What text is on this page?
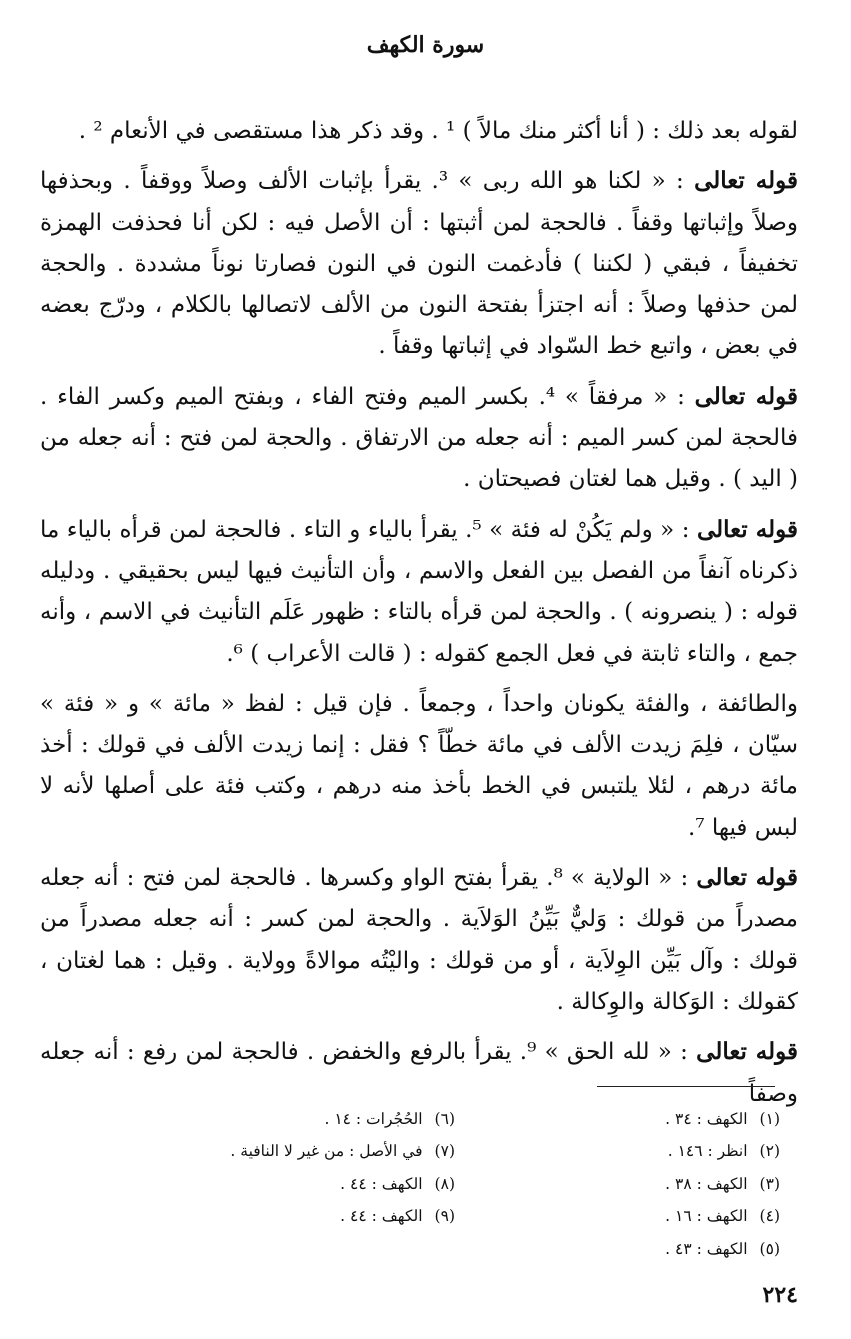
سورة الكهف

لقوله بعد ذلك : ( أنا أكثر منك مالاً ) ¹ . وقد ذكر هذا مستقصى في الأنعام ² .

قوله تعالى : « لكنا هو الله ربى » ³. يقرأ بإثبات الألف وصلاً ووقفاً . وبحذفها وصلاً وإثباتها وقفاً . فالحجة لمن أثبتها : أن الأصل فيه : لكن أنا فحذفت الهمزة تخفيفاً ، فبقي ( لكننا ) فأدغمت النون في النون فصارتا نوناً مشددة . والحجة لمن حذفها وصلاً : أنه اجتزأ بفتحة النون من الألف لاتصالها بالكلام ، ودرّج بعضه في بعض ، واتبع خط السّواد في إثباتها وقفاً .

قوله تعالى : « مرفقاً » ⁴. بكسر الميم وفتح الفاء ، وبفتح الميم وكسر الفاء . فالحجة لمن كسر الميم : أنه جعله من الارتفاق . والحجة لمن فتح : أنه جعله من ( اليد ) . وقيل هما لغتان فصيحتان .

قوله تعالى : « ولم يَكُنْ له فئة » ⁵. يقرأ بالياء و التاء . فالحجة لمن قرأه بالياء ما ذكرناه آنفاً من الفصل بين الفعل والاسم ، وأن التأنيث فيها ليس بحقيقي . ودليله قوله : ( ينصرونه ) . والحجة لمن قرأه بالتاء : ظهور عَلَم التأنيث في الاسم ، وأنه جمع ، والتاء ثابتة في فعل الجمع كقوله : ( قالت الأعراب ) ⁶.

والطائفة ، والفئة يكونان واحداً ، وجمعاً . فإن قيل : لفظ « مائة » و « فئة » سيّان ، فلِمَ زيدت الألف في مائة خطّاً ؟ فقل : إنما زيدت الألف في قولك : أخذ مائة درهم ، لئلا يلتبس في الخط بأخذ منه درهم ، وكتب فئة على أصلها لأنه لا لبس فيها ⁷.

قوله تعالى : « الولاية » ⁸. يقرأ بفتح الواو وكسرها . فالحجة لمن فتح : أنه جعله مصدراً من قولك : وَليٌّ بَيِّنُ الوَلاَية . والحجة لمن كسر : أنه جعله مصدراً من قولك : وآل بَيِّن الوِلاَية ، أو من قولك : واليْتُه موالاةً وولاية . وقيل : هما لغتان ، كقولك : الوَكالة والوِكالة .

قوله تعالى : « لله الحق » ⁹. يقرأ بالرفع والخفض . فالحجة لمن رفع : أنه جعله وصفاً

(١)الكهف : ٣٤ .
(٢)انظر : ١٤٦ .
(٣)الكهف : ٣٨ .
(٤)الكهف : ١٦ .
(٥)الكهف : ٤٣ .
(٦)الحُجُرات : ١٤ .
(٧)في الأصل : من غير لا النافية .
(٨)الكهف : ٤٤ .
(٩)الكهف : ٤٤ .
٢٢٤
